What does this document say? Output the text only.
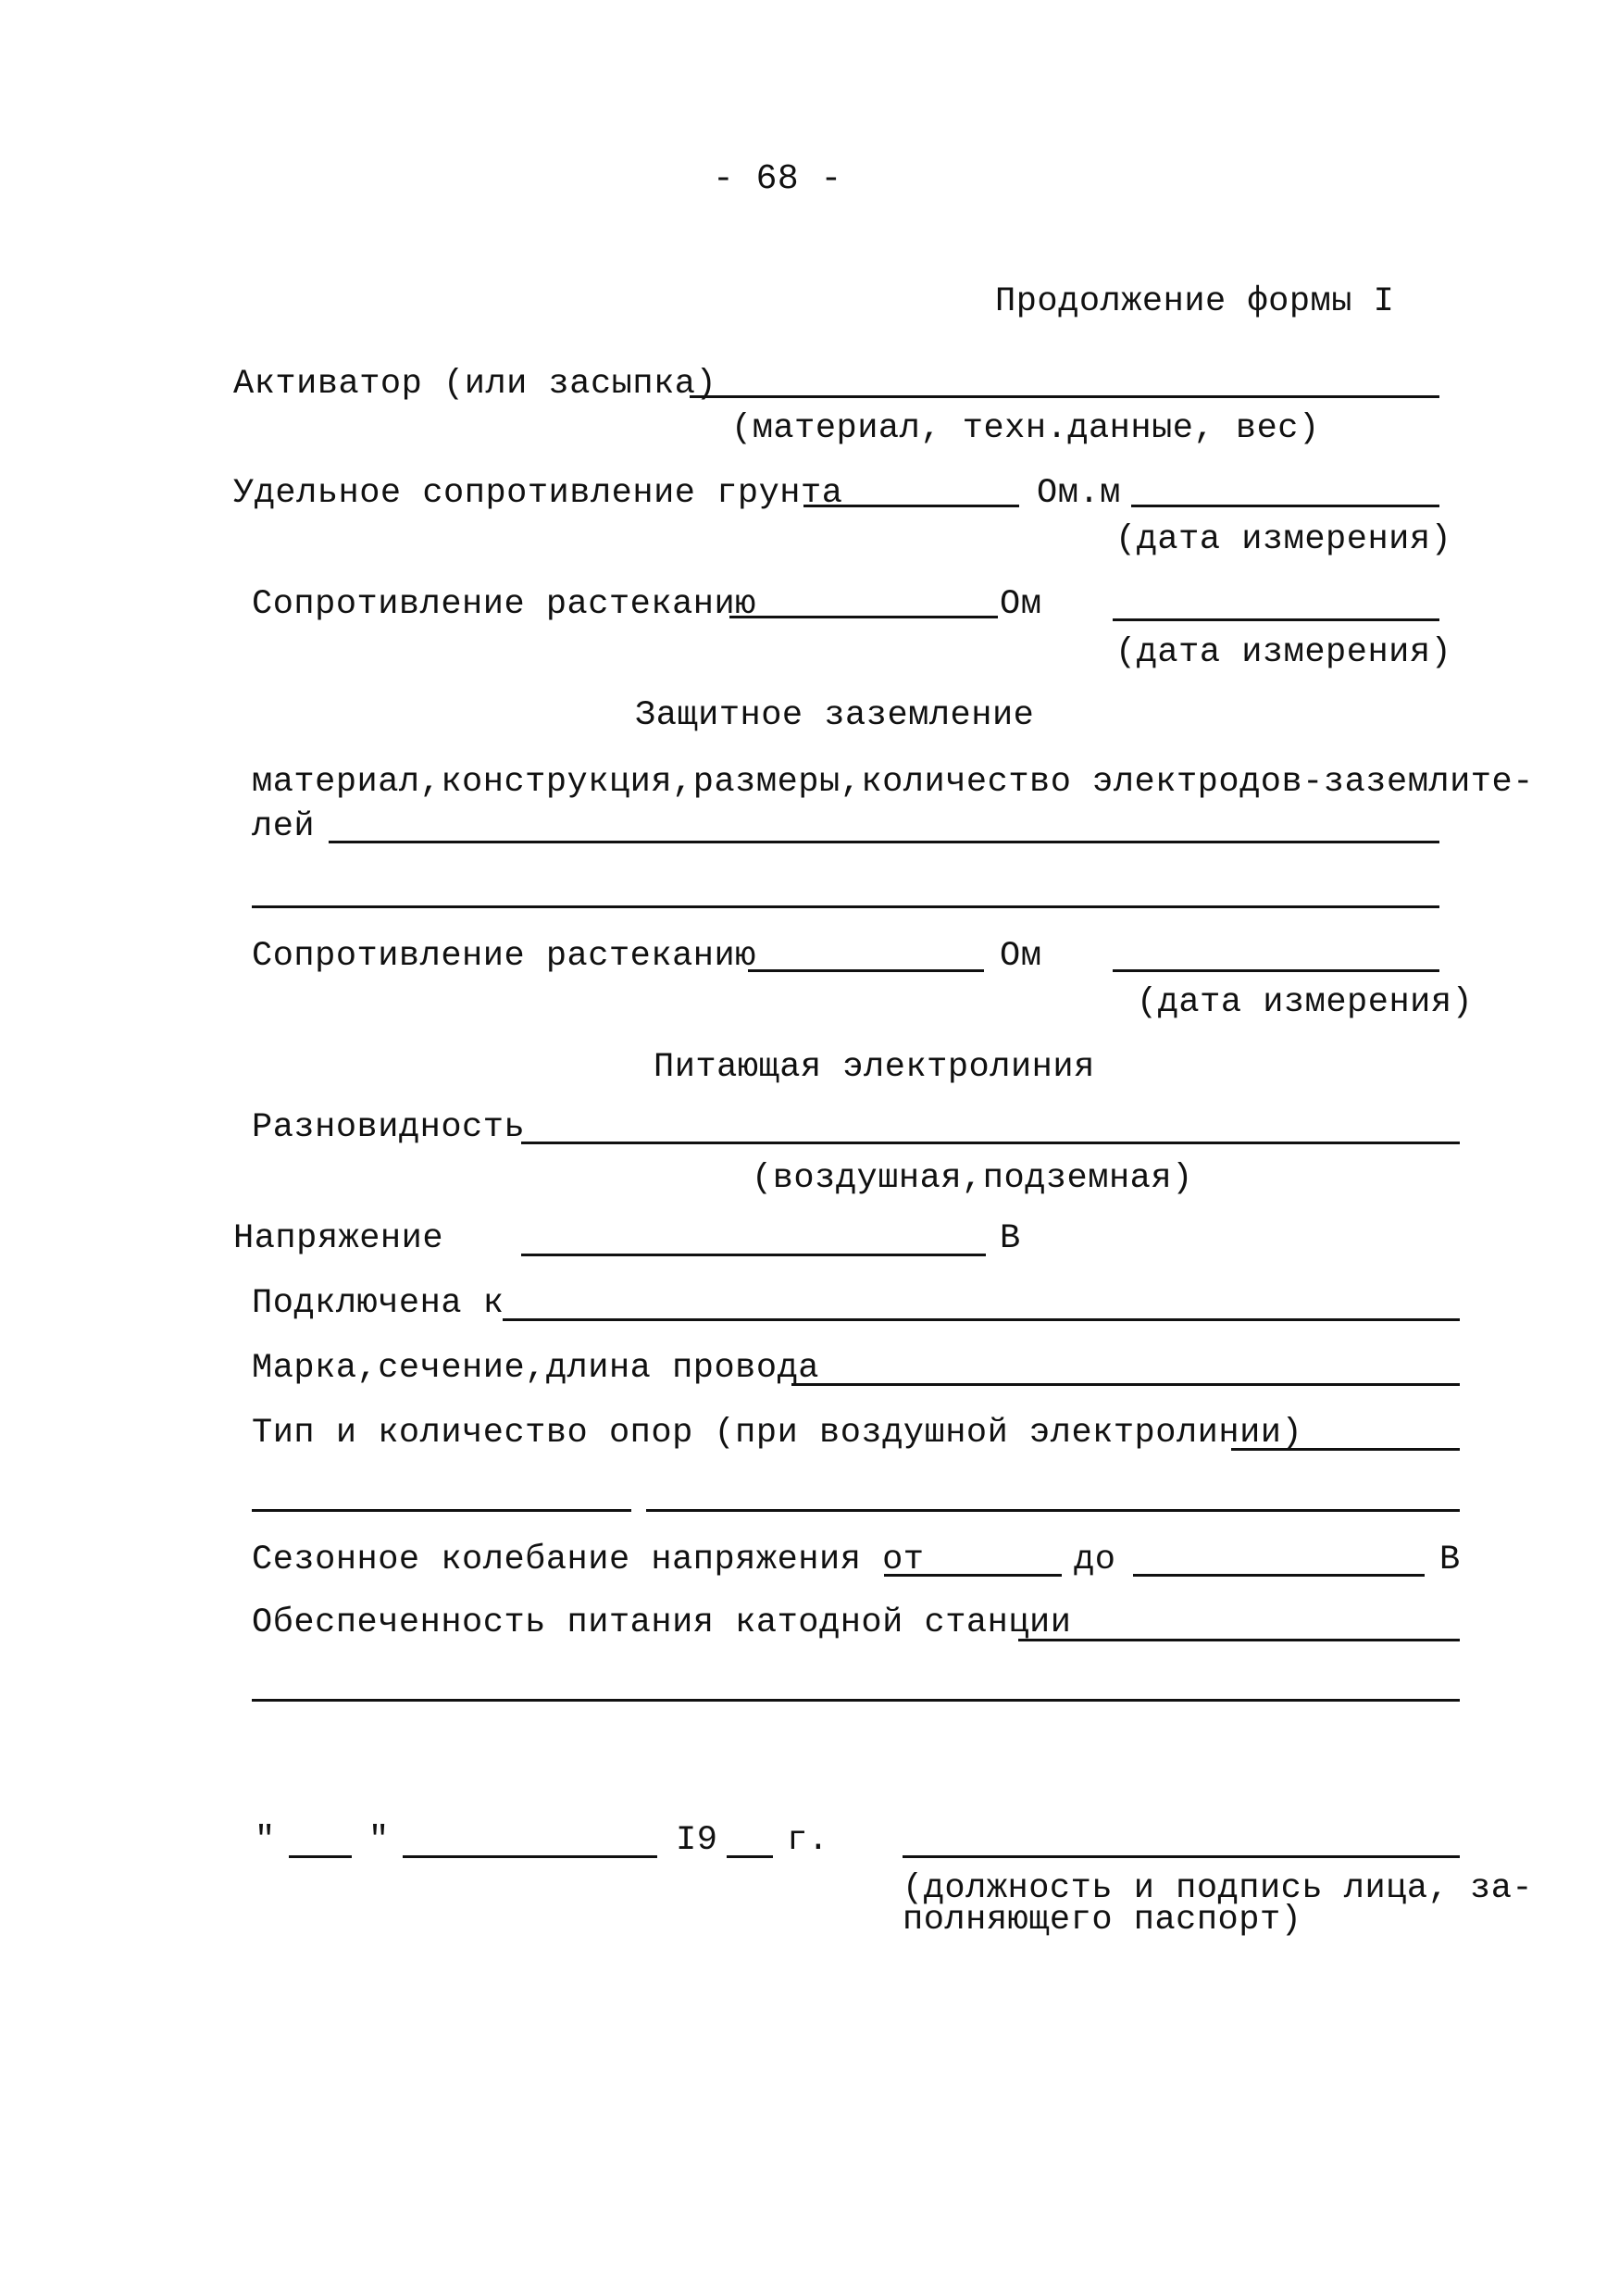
- 68 -
Продолжение формы I
Активатор (или засыпка)
(материал, техн.данные, вес)
Удельное сопротивление грунта	Ом.м
(дата измерения)
Сопротивление растеканию	Ом
(дата измерения)
Защитное заземление
материал,конструкция,размеры,количество электродов-заземлите-
лей
Сопротивление растеканию	Ом
(дата измерения)
Питающая электролиния
Разновидность
(воздушная,подземная)
Напряжение	В
Подключена к
Марка,сечение,длина провода
Тип и количество опор (при воздушной электролинии)
Сезонное колебание напряжения от	до	В
Обеспеченность питания катодной станции
"	"	I9 г.
(должность и подпись лица, за-
полняющего паспорт)
